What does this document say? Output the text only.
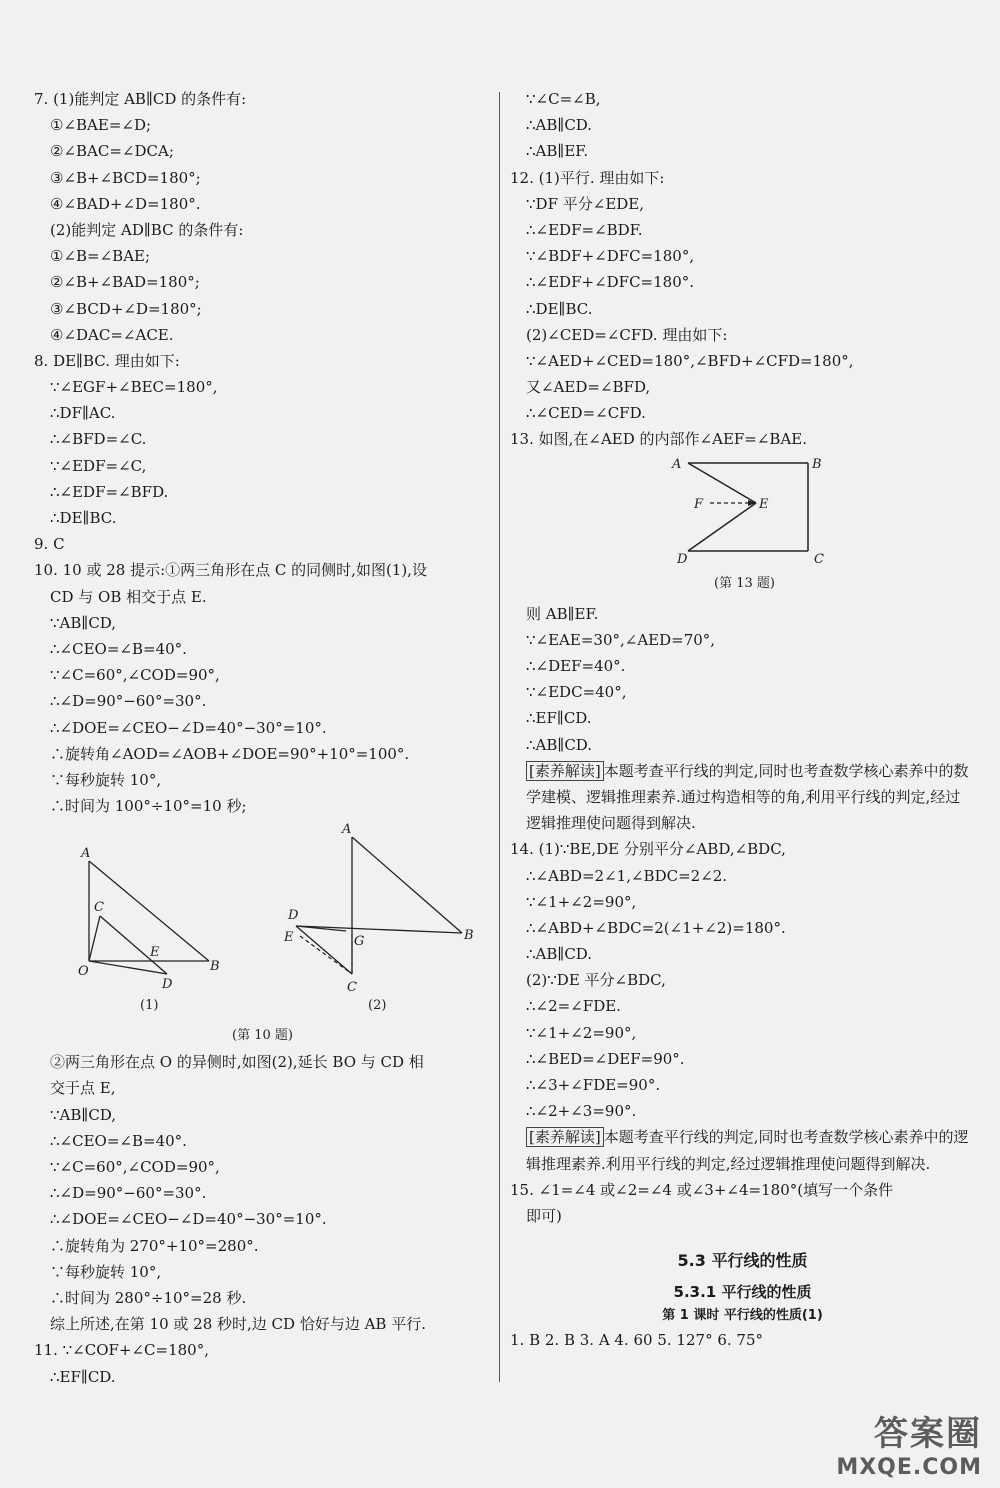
7. (1)能判定 AB∥CD 的条件有:
①∠BAE=∠D;
②∠BAC=∠DCA;
③∠B+∠BCD=180°;
④∠BAD+∠D=180°.
(2)能判定 AD∥BC 的条件有:
①∠B=∠BAE;
②∠B+∠BAD=180°;
③∠BCD+∠D=180°;
④∠DAC=∠ACE.
8. DE∥BC. 理由如下:
∵∠EGF+∠BEC=180°,
∴DF∥AC.
∴∠BFD=∠C.
∵∠EDF=∠C,
∴∠EDF=∠BFD.
∴DE∥BC.
9. C
10. 10 或 28 提示:①两三角形在点 C 的同侧时,如图(1),设
CD 与 OB 相交于点 E.
∵AB∥CD,
∴∠CEO=∠B=40°.
∵∠C=60°,∠COD=90°,
∴∠D=90°−60°=30°.
∴∠DOE=∠CEO−∠D=40°−30°=10°.
∴旋转角∠AOD=∠AOB+∠DOE=90°+10°=100°.
∵每秒旋转 10°,
∴时间为 100°÷10°=10 秒;
A
C
E
O
D
B
(1)
A
D
E	G	B
C
(2)
(第 10 题)
②两三角形在点 O 的异侧时,如图(2),延长 BO 与 CD 相
交于点 E,
∵AB∥CD,
∴∠CEO=∠B=40°.
∵∠C=60°,∠COD=90°,
∴∠D=90°−60°=30°.
∴∠DOE=∠CEO−∠D=40°−30°=10°.
∴旋转角为 270°+10°=280°.
∵每秒旋转 10°,
∴时间为 280°÷10°=28 秒.
综上所述,在第 10 或 28 秒时,边 CD 恰好与边 AB 平行.
11. ∵∠COF+∠C=180°,
∴EF∥CD.
∵∠C=∠B,
∴AB∥CD.
∴AB∥EF.
12. (1)平行. 理由如下:
∵DF 平分∠EDE,
∴∠EDF=∠BDF.
∵∠BDF+∠DFC=180°,
∴∠EDF+∠DFC=180°.
∴DE∥BC.
(2)∠CED=∠CFD. 理由如下:
∵∠AED+∠CED=180°,∠BFD+∠CFD=180°,
又∠AED=∠BFD,
∴∠CED=∠CFD.
13. 如图,在∠AED 的内部作∠AEF=∠BAE.
A	B
F	E
D	C
(第 13 题)
则 AB∥EF.
∵∠EAE=30°,∠AED=70°,
∴∠DEF=40°.
∵∠EDC=40°,
∴EF∥CD.
∴AB∥CD.
[素养解读] 本题考查平行线的判定,同时也考查数学核心素养中的数学建模、逻辑推理素养.通过构造相等的角,利用平行线的判定,经过逻辑推理使问题得到解决.
14. (1)∵BE,DE 分别平分∠ABD,∠BDC,
∴∠ABD=2∠1,∠BDC=2∠2.
∵∠1+∠2=90°,
∴∠ABD+∠BDC=2(∠1+∠2)=180°.
∴AB∥CD.
(2)∵DE 平分∠BDC,
∴∠2=∠FDE.
∵∠1+∠2=90°,
∴∠BED=∠DEF=90°.
∴∠3+∠FDE=90°.
∴∠2+∠3=90°.
[素养解读] 本题考查平行线的判定,同时也考查数学核心素养中的逻辑推理素养.利用平行线的判定,经过逻辑推理使问题得到解决.
15. ∠1=∠4 或∠2=∠4 或∠3+∠4=180°(填写一个条件
即可)
5.3 平行线的性质
5.3.1 平行线的性质
第 1 课时 平行线的性质(1)
1. B 2. B 3. A 4. 60 5. 127° 6. 75°
答案圈
MXQE.COM
